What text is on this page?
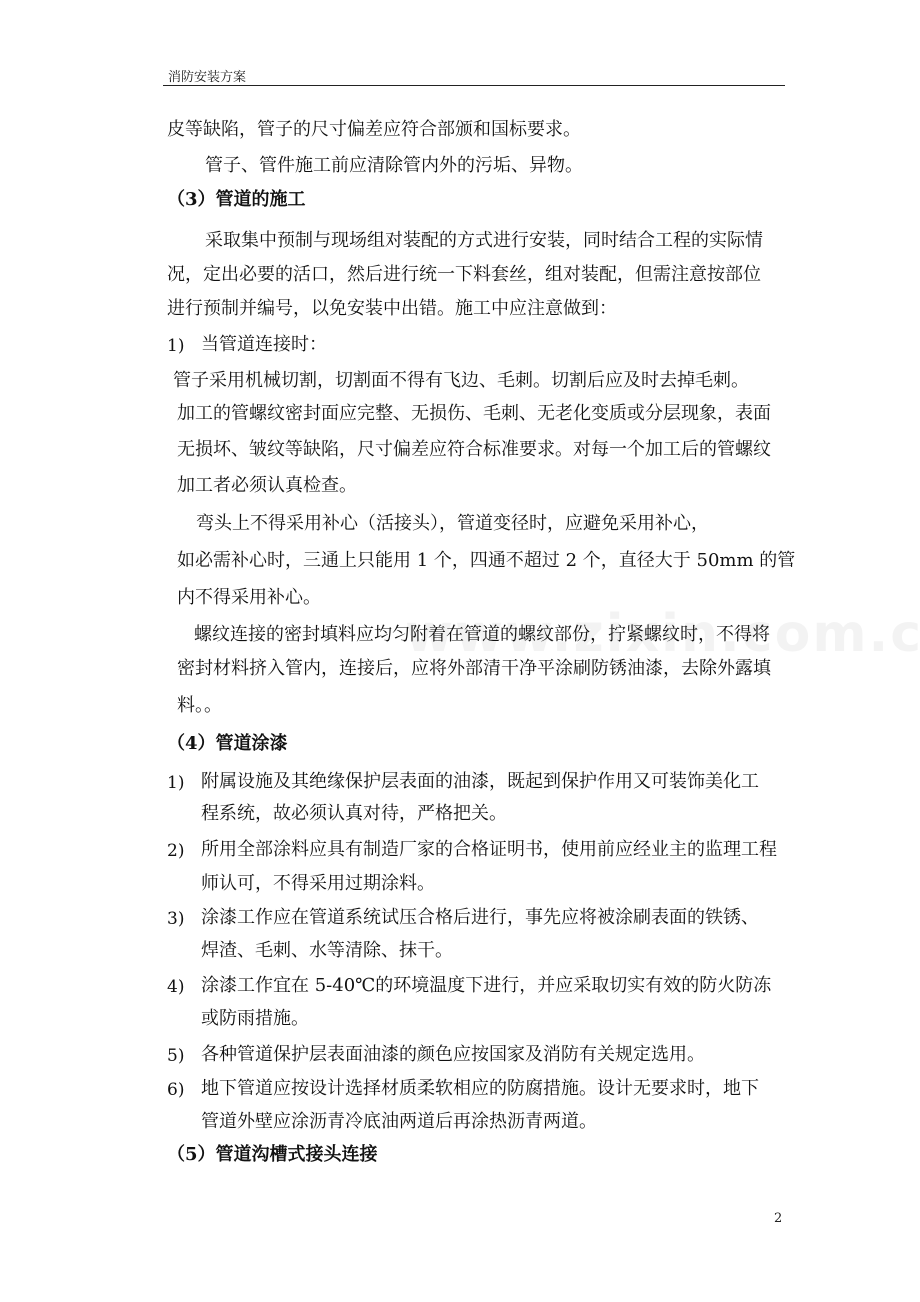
消防安装方案
皮等缺陷，管子的尺寸偏差应符合部颁和国标要求。
管子、管件施工前应清除管内外的污垢、异物。
（3）管道的施工
采取集中预制与现场组对装配的方式进行安装，同时结合工程的实际情
况，定出必要的活口，然后进行统一下料套丝，组对装配，但需注意按部位
进行预制并编号，以免安装中出错。施工中应注意做到：
1) 当管道连接时：
管子采用机械切割，切割面不得有飞边、毛刺。切割后应及时去掉毛刺。
加工的管螺纹密封面应完整、无损伤、毛刺、无老化变质或分层现象，表面
无损坏、皱纹等缺陷，尺寸偏差应符合标准要求。对每一个加工后的管螺纹
加工者必须认真检查。
弯头上不得采用补心（活接头），管道变径时，应避免采用补心，
如必需补心时，三通上只能用 1 个，四通不超过 2 个，直径大于 50mm 的管
内不得采用补心。
螺纹连接的密封填料应均匀附着在管道的螺纹部份，拧紧螺纹时，不得将
密封材料挤入管内，连接后，应将外部清干净平涂刷防锈油漆，去除外露填
料。。
（4）管道涂漆
1) 附属设施及其绝缘保护层表面的油漆，既起到保护作用又可装饰美化工
程系统，故必须认真对待，严格把关。
2) 所用全部涂料应具有制造厂家的合格证明书，使用前应经业主的监理工程
师认可，不得采用过期涂料。
3) 涂漆工作应在管道系统试压合格后进行，事先应将被涂刷表面的铁锈、
焊渣、毛刺、水等清除、抹干。
4) 涂漆工作宜在 5-40℃的环境温度下进行，并应采取切实有效的防火防冻
或防雨措施。
5) 各种管道保护层表面油漆的颜色应按国家及消防有关规定选用。
6) 地下管道应按设计选择材质柔软相应的防腐措施。设计无要求时，地下
管道外壁应涂沥青冷底油两道后再涂热沥青两道。
（5）管道沟槽式接头连接
2
